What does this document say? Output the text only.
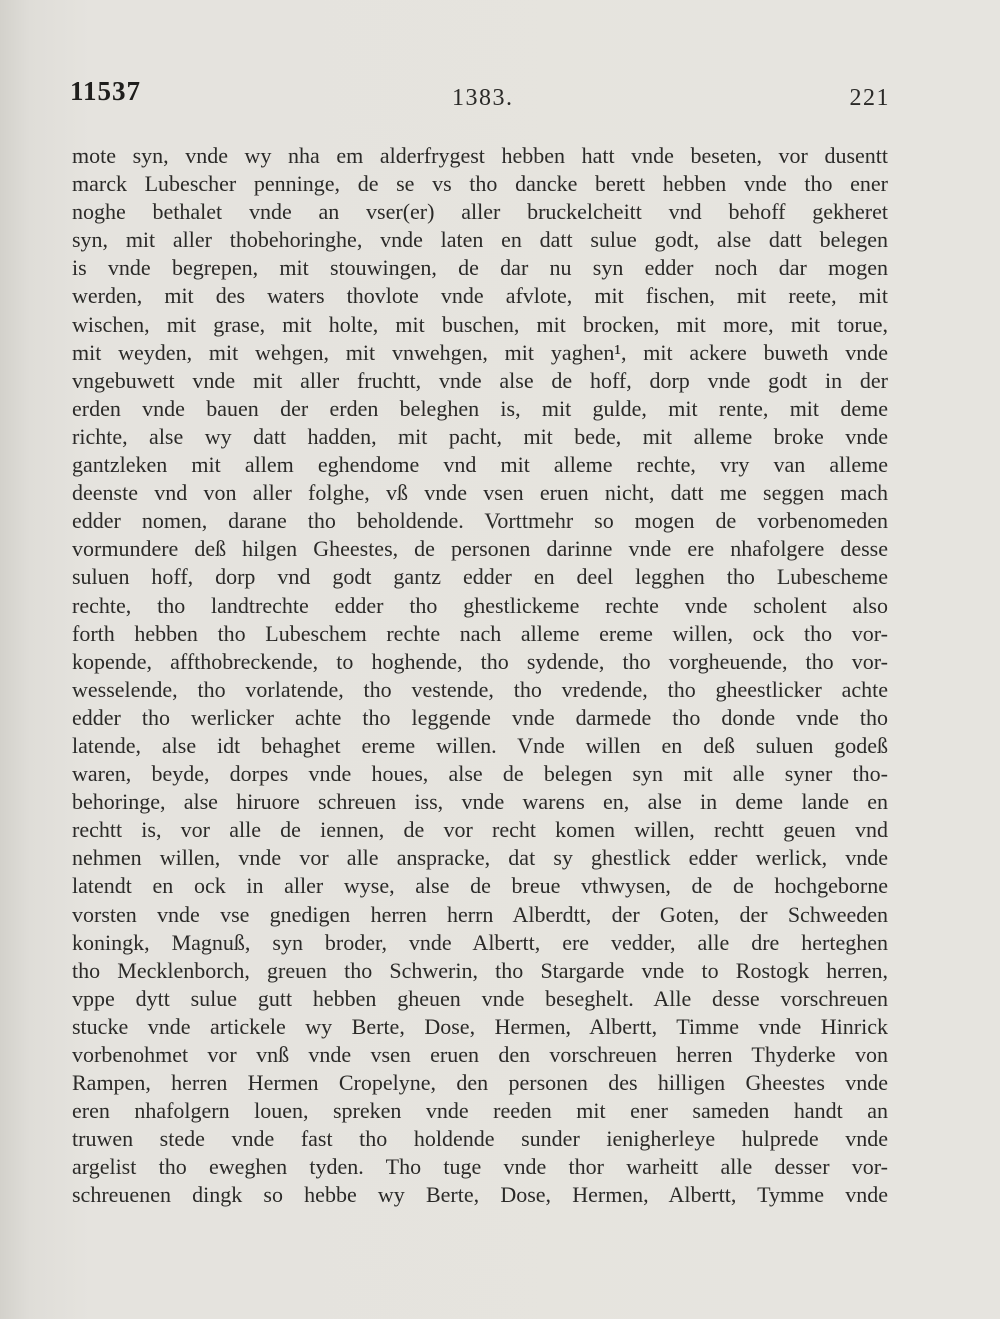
11537	1383.	221
mote syn, vnde wy nha em alderfrygest hebben hatt vnde beseten, vor dusentt
marck Lubescher penninge, de se vs tho dancke berett hebben vnde tho ener
noghe bethalet vnde an vser(er) aller bruckelcheitt vnd behoff gekheret
syn, mit aller thobehoringhe, vnde laten en datt sulue godt, alse datt belegen
is vnde begrepen, mit stouwingen, de dar nu syn edder noch dar mogen
werden, mit des waters thovlote vnde afvlote, mit fischen, mit reete, mit
wischen, mit grase, mit holte, mit buschen, mit brocken, mit more, mit torue,
mit weyden, mit wehgen, mit vnwehgen, mit yaghen¹, mit ackere buweth vnde
vngebuwett vnde mit aller fruchtt, vnde alse de hoff, dorp vnde godt in der
erden vnde bauen der erden beleghen is, mit gulde, mit rente, mit deme
richte, alse wy datt hadden, mit pacht, mit bede, mit alleme broke vnde
gantzleken mit allem eghendome vnd mit alleme rechte, vry van alleme
deenste vnd von aller folghe, vß vnde vsen eruen nicht, datt me seggen mach
edder nomen, darane tho beholdende. Vorttmehr so mogen de vorbenomeden
vormundere deß hilgen Gheestes, de personen darinne vnde ere nhafolgere desse
suluen hoff, dorp vnd godt gantz edder en deel legghen tho Lubescheme
rechte, tho landtrechte edder tho ghestlickeme rechte vnde scholent also
forth hebben tho Lubeschem rechte nach alleme ereme willen, ock tho vor-
kopende, affthobreckende, to hoghende, tho sydende, tho vorgheuende, tho vor-
wesselende, tho vorlatende, tho vestende, tho vredende, tho gheestlicker achte
edder tho werlicker achte tho leggende vnde darmede tho donde vnde tho
latende, alse idt behaghet ereme willen. Vnde willen en deß suluen godeß
waren, beyde, dorpes vnde houes, alse de belegen syn mit alle syner tho-
behoringe, alse hiruore schreuen iss, vnde warens en, alse in deme lande en
rechtt is, vor alle de iennen, de vor recht komen willen, rechtt geuen vnd
nehmen willen, vnde vor alle anspracke, dat sy ghestlick edder werlick, vnde
latendt en ock in aller wyse, alse de breue vthwysen, de de hochgeborne
vorsten vnde vse gnedigen herren herrn Alberdtt, der Goten, der Schweeden
koningk, Magnuß, syn broder, vnde Albertt, ere vedder, alle dre herteghen
tho Mecklenborch, greuen tho Schwerin, tho Stargarde vnde to Rostogk herren,
vppe dytt sulue gutt hebben gheuen vnde beseghelt. Alle desse vorschreuen
stucke vnde artickele wy Berte, Dose, Hermen, Albertt, Timme vnde Hinrick
vorbenohmet vor vnß vnde vsen eruen den vorschreuen herren Thyderke von
Rampen, herren Hermen Cropelyne, den personen des hilligen Gheestes vnde
eren nhafolgern louen, spreken vnde reeden mit ener sameden handt an
truwen stede vnde fast tho holdende sunder ienigherleye hulprede vnde
argelist tho eweghen tyden. Tho tuge vnde thor warheitt alle desser vor-
schreuenen dingk so hebbe wy Berte, Dose, Hermen, Albertt, Tymme vnde
